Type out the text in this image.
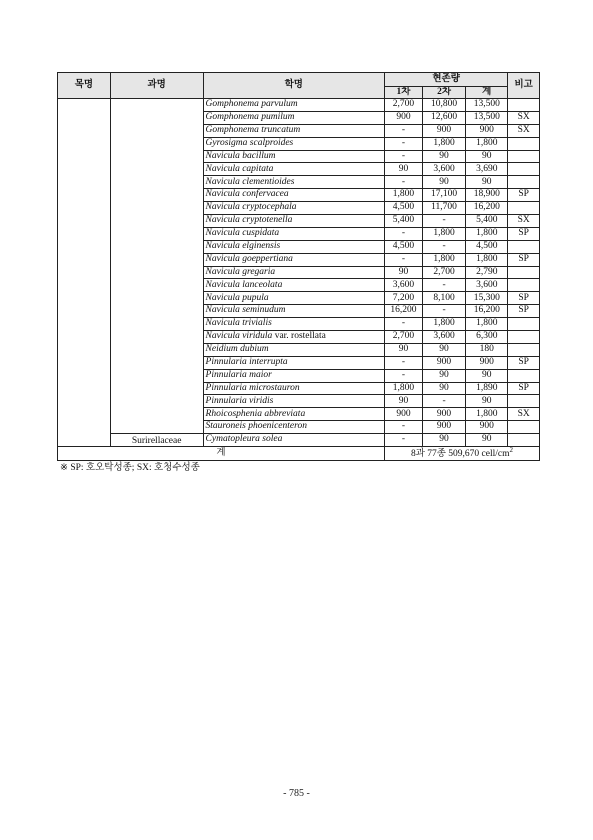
목명	과명	학명	현존량			비고
			1차	2차	계	
		Gomphonema parvulum	2,700	10,800	13,500	
		Gomphonema pumilum	900	12,600	13,500	SX
		Gomphonema truncatum	-	900	900	SX
		Gyrosigma scalproides	-	1,800	1,800	
		Navicula bacillum	-	90	90	
		Navicula capitata	90	3,600	3,690	
		Navicula clementioides	-	90	90	
		Navicula confervacea	1,800	17,100	18,900	SP
		Navicula cryptocephala	4,500	11,700	16,200	
		Navicula cryptotenella	5,400	-	5,400	SX
		Navicula cuspidata	-	1,800	1,800	SP
		Navicula elginensis	4,500	-	4,500	
		Navicula goeppertiana	-	1,800	1,800	SP
		Navicula gregaria	90	2,700	2,790	
		Navicula lanceolata	3,600	-	3,600	
		Navicula pupula	7,200	8,100	15,300	SP
		Navicula seminudum	16,200	-	16,200	SP
		Navicula trivialis	-	1,800	1,800	
		Navicula viridula var. rostellata	2,700	3,600	6,300	
		Neidium dubium	90	90	180	
		Pinnularia interrupta	-	900	900	SP
		Pinnularia maior	-	90	90	
		Pinnularia microstauron	1,800	90	1,890	SP
		Pinnularia viridis	90	-	90	
		Rhoicosphenia abbreviata	900	900	1,800	SX
		Stauroneis phoenicenteron	-	900	900	
	Surirellaceae	Cymatopleura solea	-	90	90	
계			8과 77종 509,670 cell/$cm^2$
※ SP: 호오탁성종; SX: 호청수성종
- 785 -
